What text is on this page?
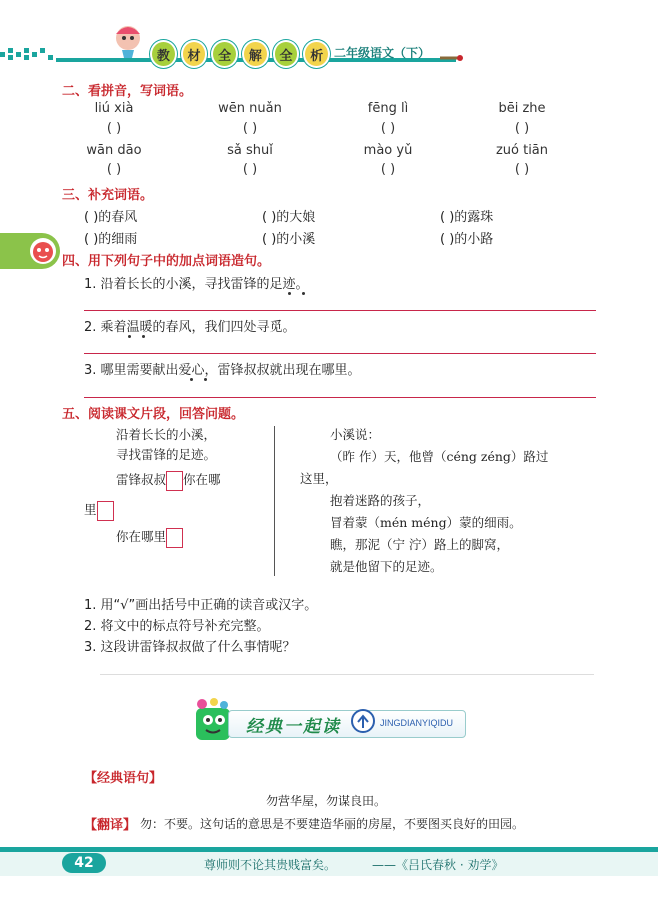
教	材	全	解	全	析 二年级语文（下）
二、看拼音，写词语。
liú xià	wēn nuǎn	fēng lì	bēi zhe
( )	( )	( )	( )
wān dāo	sǎ shuǐ	mào yǔ	zuó tiān
( )	( )	( )	( )
三、补充词语。
( )的春风	( )的大娘	( )的露珠
( )的细雨	( )的小溪	( )的小路
四、用下列句子中的加点词语造句。
1. 沿着长长的小溪，寻找雷锋的足迹。
2. 乘着温暖的春风，我们四处寻觅。
3. 哪里需要献出爱心，雷锋叔叔就出现在哪里。
五、阅读课文片段，回答问题。
沿着长长的小溪，
寻找雷锋的足迹。
雷锋叔叔 你在哪
里
你在哪里
小溪说：
（昨 作）天，他曾（céng zéng）路过
这里，
抱着迷路的孩子，
冒着蒙（mén méng）蒙的细雨。
瞧，那泥（宁 泞）路上的脚窝，
就是他留下的足迹。
1. 用“√”画出括号中正确的读音或汉字。
2. 将文中的标点符号补充完整。
3. 这段讲雷锋叔叔做了什么事情呢？
经典一起读	JINGDIANYIQIDU
【经典语句】
勿营华屋，勿谋良田。
【翻译】 勿：不要。这句话的意思是不要建造华丽的房屋，不要图买良好的田园。
42	尊师则不论其贵贱富矣。	——《吕氏春秋 · 劝学》
